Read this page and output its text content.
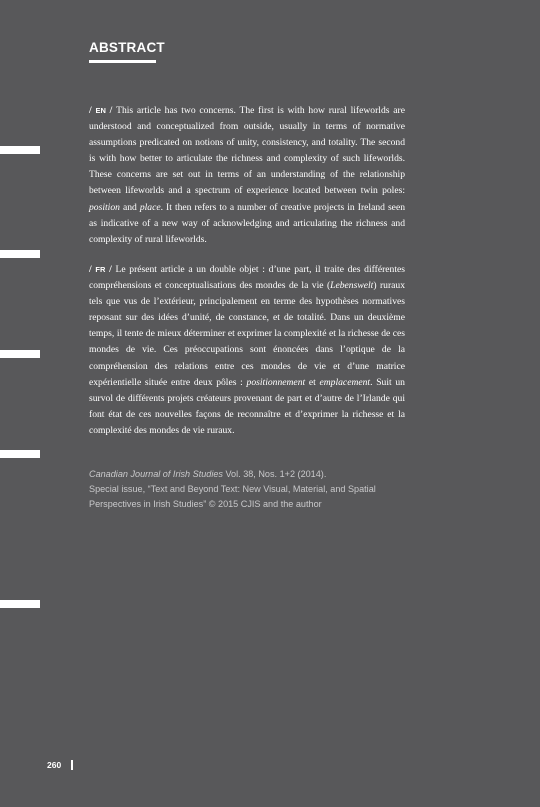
ABSTRACT

/ EN / This article has two concerns. The first is with how rural lifeworlds are understood and conceptualized from outside, usually in terms of normative assumptions predicated on notions of unity, consistency, and totality. The second is with how better to articulate the richness and complexity of such lifeworlds. These concerns are set out in terms of an understanding of the relationship between lifeworlds and a spectrum of experience located between twin poles: position and place. It then refers to a number of creative projects in Ireland seen as indicative of a new way of acknowledging and articulating the richness and complexity of rural lifeworlds.

/ FR / Le présent article a un double objet : d’une part, il traite des différentes compréhensions et conceptualisations des mondes de la vie (Lebenswelt) ruraux tels que vus de l’extérieur, principalement en terme des hypothèses normatives reposant sur des idées d’unité, de constance, et de totalité. Dans un deuxième temps, il tente de mieux déterminer et exprimer la complexité et la richesse de ces mondes de vie. Ces préoccupations sont énoncées dans l’optique de la compréhension des relations entre ces mondes de vie et d’une matrice expérientielle située entre deux pôles : positionnement et emplacement. Suit un survol de différents projets créateurs provenant de part et d’autre de l’Irlande qui font état de ces nouvelles façons de reconnaître et d’exprimer la richesse et la complexité des mondes de vie ruraux.

Canadian Journal of Irish Studies Vol. 38, Nos. 1+2 (2014).
Special issue, “Text and Beyond Text: New Visual, Material, and Spatial Perspectives in Irish Studies” © 2015 CJIS and the author

260
